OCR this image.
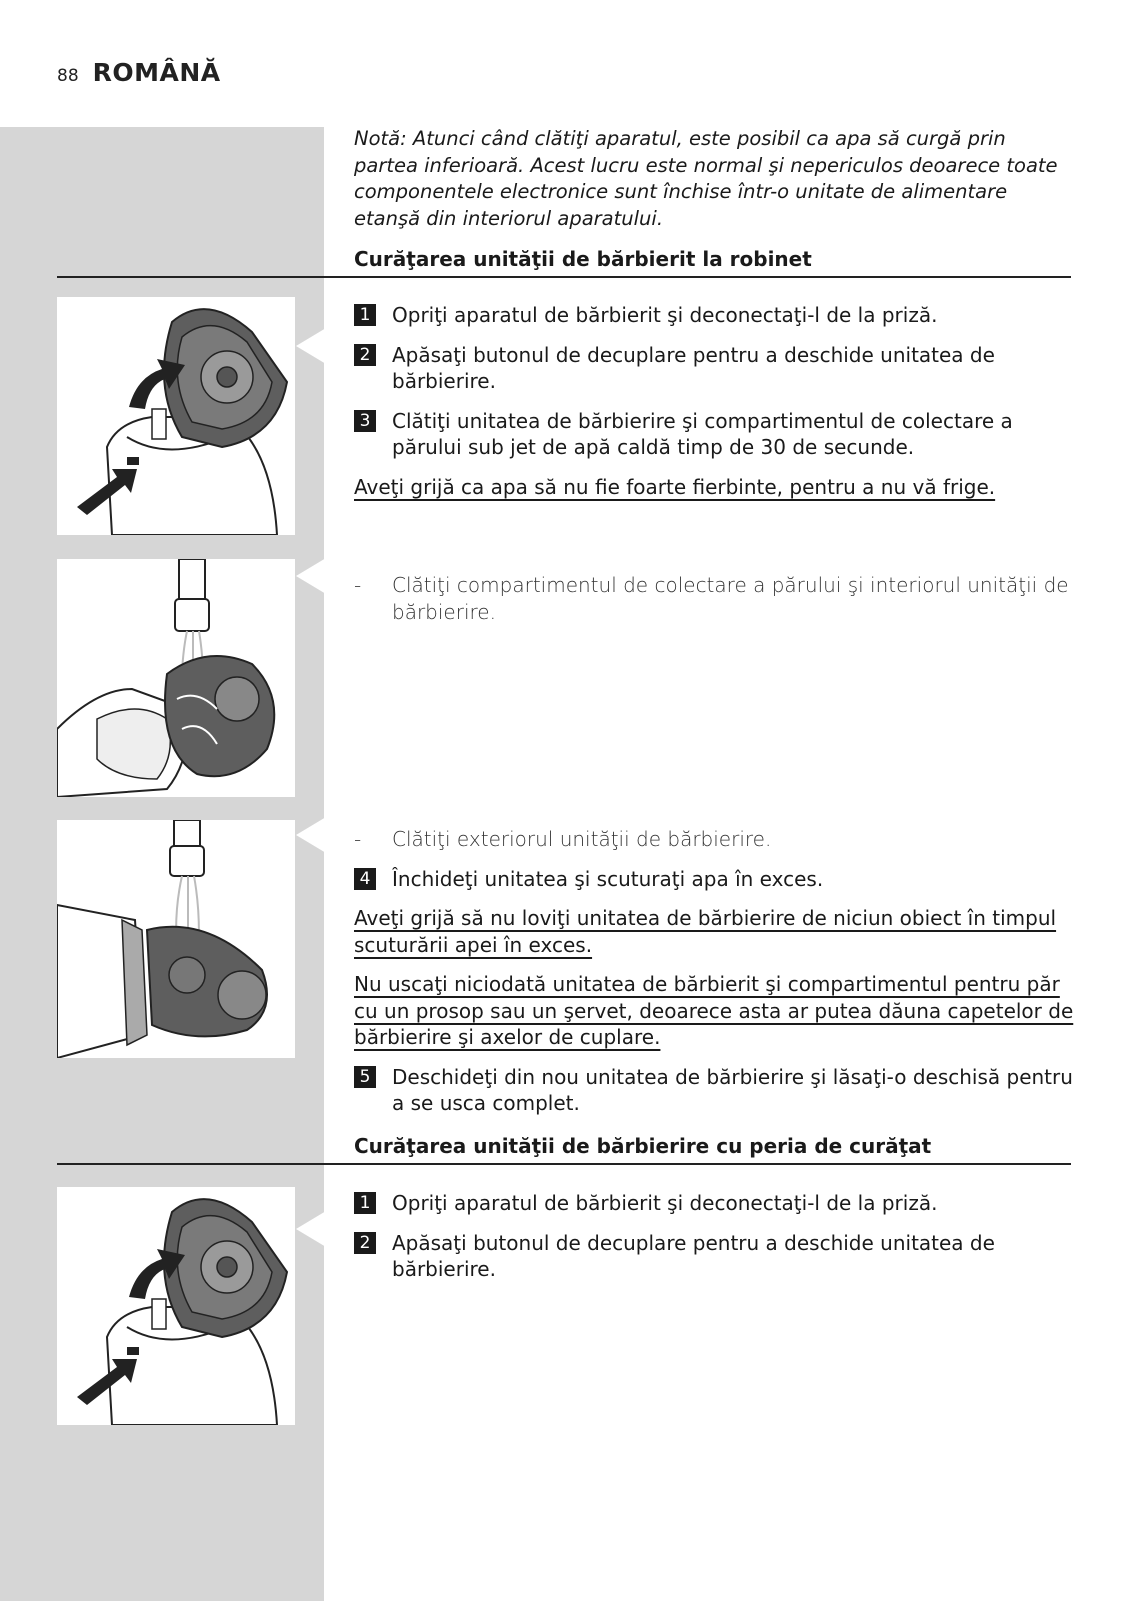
88 ROMÂNĂ
Notă: Atunci când clătiţi aparatul, este posibil ca apa să curgă prin partea inferioară. Acest lucru este normal şi nepericulos deoarece toate componentele electronice sunt închise într-o unitate de alimentare etanşă din interiorul aparatului.
Curăţarea unităţii de bărbierit la robinet
1 Opriţi aparatul de bărbierit şi deconectaţi-l de la priză.
2 Apăsaţi butonul de decuplare pentru a deschide unitatea de bărbierire.
3 Clătiţi unitatea de bărbierire şi compartimentul de colectare a părului sub jet de apă caldă timp de 30 de secunde.
Aveţi grijă ca apa să nu fie foarte fierbinte, pentru a nu vă frige.
-	Clătiţi compartimentul de colectare a părului şi interiorul unităţii de bărbierire.
-	Clătiţi exteriorul unităţii de bărbierire.
4 Închideţi unitatea şi scuturaţi apa în exces.
Aveţi grijă să nu loviţi unitatea de bărbierire de niciun obiect în timpul scuturării apei în exces.
Nu uscaţi niciodată unitatea de bărbierit şi compartimentul pentru păr cu un prosop sau un şervet, deoarece asta ar putea dăuna capetelor de bărbierire şi axelor de cuplare.
5 Deschideţi din nou unitatea de bărbierire şi lăsaţi-o deschisă pentru a se usca complet.
Curăţarea unităţii de bărbierire cu peria de curăţat
1 Opriţi aparatul de bărbierit şi deconectaţi-l de la priză.
2 Apăsaţi butonul de decuplare pentru a deschide unitatea de bărbierire.
